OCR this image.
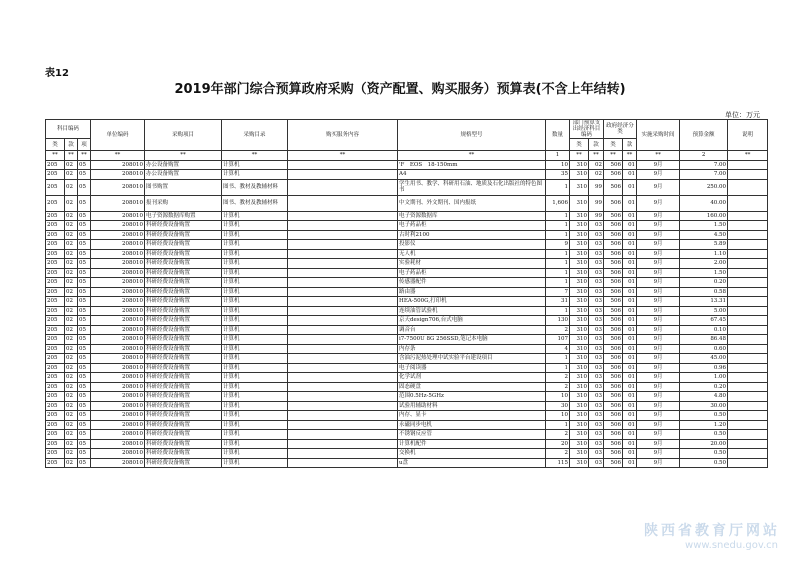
表12
2019年部门综合预算政府采购（资产配置、购买服务）预算表(不含上年结转)
单位：万元
科目编码			单位编码	采购项目	采购目录	购买服务内容	规格型号	数量	部门预算支出经济科目编码		政府经济分类		实施采购时间	预算金额	说明
类	款	项							类	款	类	款			
**	**	**	**	**	**	**	**	1	**	**	**	**	**	2	**
205	02	05	208010	办公设备购置	计算机		'F　EOS　18-150mm	10	310	02	506	01	9月	7.00	
205	02	05	208010	办公设备购置	计算机		A4	35	310	02	506	01	9月	7.00	
205	02	05	208010	图书购置	图书、教材及教辅材料		学生用书、教学、科研用石油、地质及石化出版社的特色图书	1	310	99	506	01	9月	250.00	
205	02	05	208010	报刊采购	图书、教材及教辅材料		中文期刊、外文期刊、国内报纸	1,606	310	99	506	01	9月	40.00	
205	02	05	208010	电子资源数据库购置	计算机		电子资源数据库	1	310	99	506	01	9月	160.00	
205	02	05	208010	科研经费设备购置	计算机		电子药品柜	1	310	03	506	01	9月	1.50	
205	02	05	208010	科研经费设备购置	计算机		古时利2100	1	310	03	506	01	9月	4.50	
205	02	05	208010	科研经费设备购置	计算机		投影仪	9	310	03	506	01	9月	5.89	
205	02	05	208010	科研经费设备购置	计算机		无人机	1	310	03	506	01	9月	1.10	
205	02	05	208010	科研经费设备购置	计算机		实验耗材	1	310	03	506	01	9月	2.00	
205	02	05	208010	科研经费设备购置	计算机		电子药品柜	1	310	03	506	01	9月	1.50	
205	02	05	208010	科研经费设备购置	计算机		传感器配件	1	310	03	506	01	9月	0.20	
205	02	05	208010	科研经费设备购置	计算机		路由器	7	310	03	506	01	9月	0.58	
205	02	05	208010	科研经费设备购置	计算机		HEA-500G,打印机	31	310	03	506	01	9月	13.31	
205	02	05	208010	科研经费设备购置	计算机		连续油管试验机	1	310	03	506	01	9月	5.00	
205	02	05	208010	科研经费设备购置	计算机		京天design706,台式电脑	130	310	03	506	01	9月	67.45	
205	02	05	208010	科研经费设备购置	计算机		调音台	2	310	03	506	01	9月	0.10	
205	02	05	208010	科研经费设备购置	计算机		i7-7500U 8G 256SSD,笔记本电脑	107	310	03	506	01	9月	86.48	
205	02	05	208010	科研经费设备购置	计算机		内存条	4	310	03	506	01	9月	0.60	
205	02	05	208010	科研经费设备购置	计算机		含油污泥热处理中试实验平台建设项目	1	310	03	506	01	9月	45.00	
205	02	05	208010	科研经费设备购置	计算机		电子阅读器	1	310	03	506	01	9月	0.96	
205	02	05	208010	科研经费设备购置	计算机		化学试剂	2	310	03	506	01	9月	1.00	
205	02	05	208010	科研经费设备购置	计算机		固态硬盘	2	310	03	506	01	9月	0.20	
205	02	05	208010	科研经费设备购置	计算机		范围0.5Hz-5GHz	10	310	03	506	01	9月	4.80	
205	02	05	208010	科研经费设备购置	计算机		试验用辅助材料	30	310	03	506	01	9月	30.00	
205	02	05	208010	科研经费设备购置	计算机		内存、显卡	10	310	03	506	01	9月	0.50	
205	02	05	208010	科研经费设备购置	计算机		永磁同步电机	1	310	03	506	01	9月	1.20	
205	02	05	208010	科研经费设备购置	计算机		不锈钢反应管	2	310	03	506	01	9月	0.50	
205	02	05	208010	科研经费设备购置	计算机		计算机配件	20	310	03	506	01	9月	20.00	
205	02	05	208010	科研经费设备购置	计算机		交换机	2	310	03	506	01	9月	0.50	
205	02	05	208010	科研经费设备购置	计算机		u盘	115	310	03	506	01	9月	0.50	
陕西省教育厅网站
www.snedu.gov.cn
